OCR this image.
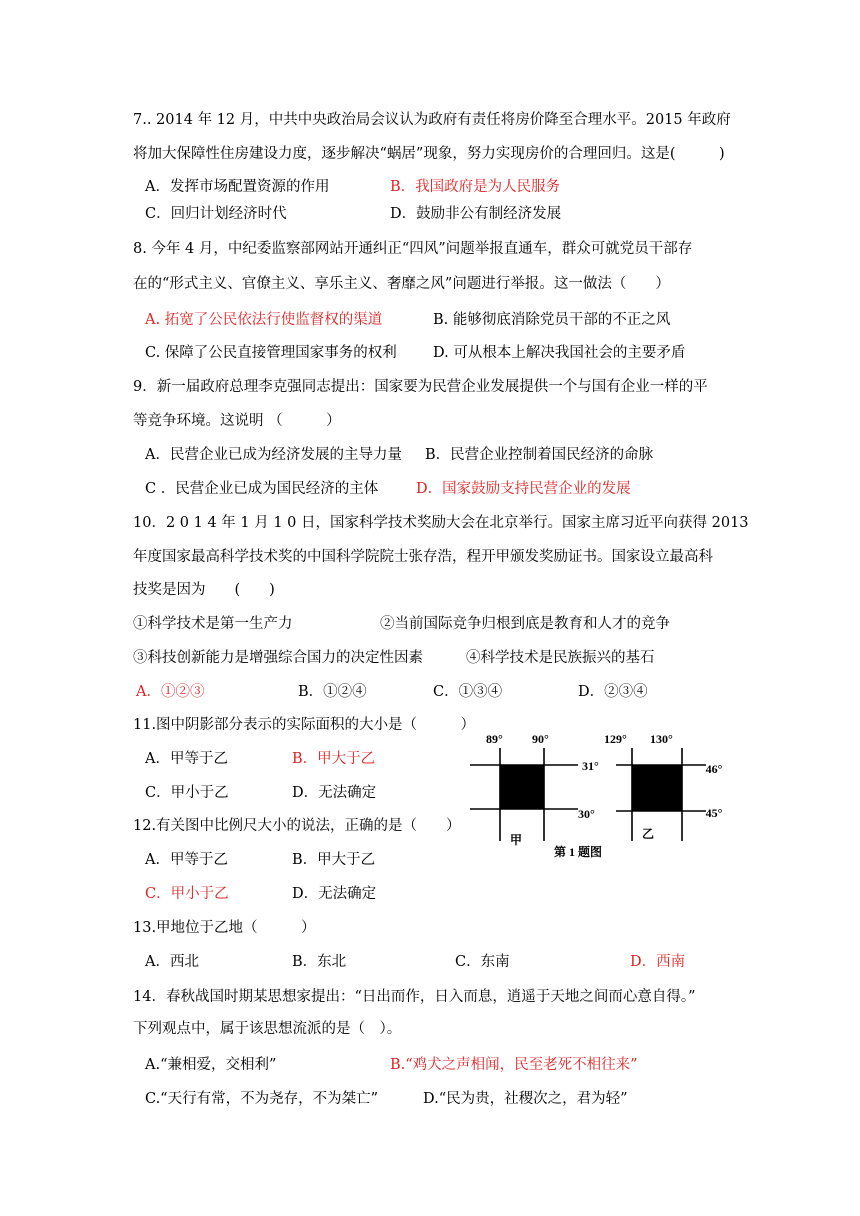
7.. 2014 年 12 月，中共中央政治局会议认为政府有责任将房价降至合理水平。2015 年政府
将加大保障性住房建设力度，逐步解决“蜗居”现象，努力实现房价的合理回归。这是(　　　)
A．发挥市场配置资源的作用	B．我国政府是为人民服务
C．回归计划经济时代	D．鼓励非公有制经济发展
8. 今年 4 月，中纪委监察部网站开通纠正“四风”问题举报直通车，群众可就党员干部存
在的“形式主义、官僚主义、享乐主义、奢靡之风”问题进行举报。这一做法（　　）
A. 拓宽了公民依法行使监督权的渠道	B. 能够彻底消除党员干部的不正之风
C. 保障了公民直接管理国家事务的权利 D. 可从根本上解决我国社会的主要矛盾
9．新一届政府总理李克强同志提出：国家要为民营企业发展提供一个与国有企业一样的平
等竞争环境。这说明 （　　　）
A．民营企业已成为经济发展的主导力量 B．民营企业控制着国民经济的命脉
C ．民营企业已成为国民经济的主体	D．国家鼓励支持民营企业的发展
10．2 0 1 4 年 1 月 1 0 日，国家科学技术奖励大会在北京举行。国家主席习近平向获得 2013
年度国家最高科学技术奖的中国科学院院士张存浩，程开甲颁发奖励证书。国家设立最高科
技奖是因为　　(　　)
①科学技术是第一生产力	②当前国际竞争归根到底是教育和人才的竞争
③科技创新能力是增强综合国力的决定性因素	④科学技术是民族振兴的基石
A．①②③	B．①②④	C．①③④	D．②③④
11.图中阴影部分表示的实际面积的大小是（　　　）
A．甲等于乙	B．甲大于乙
C．甲小于乙	D．无法确定
12.有关图中比例尺大小的说法，正确的是（　　）
A．甲等于乙	B．甲大于乙
C．甲小于乙	D．无法确定
13.甲地位于乙地（　　　）
A．西北	B．东北	C．东南	D．西南
14．春秋战国时期某思想家提出：“日出而作，日入而息，逍遥于天地之间而心意自得。”
下列观点中，属于该思想流派的是（　）。
A.“兼相爱，交相利”	B.“鸡犬之声相闻，民至老死不相往来”
C.“天行有常，不为尧存，不为桀亡”	D.“民为贵，社稷次之，君为轻”
89° 90°
31°
30°
甲
129° 130°
46°
45°
乙
第 1 题图
